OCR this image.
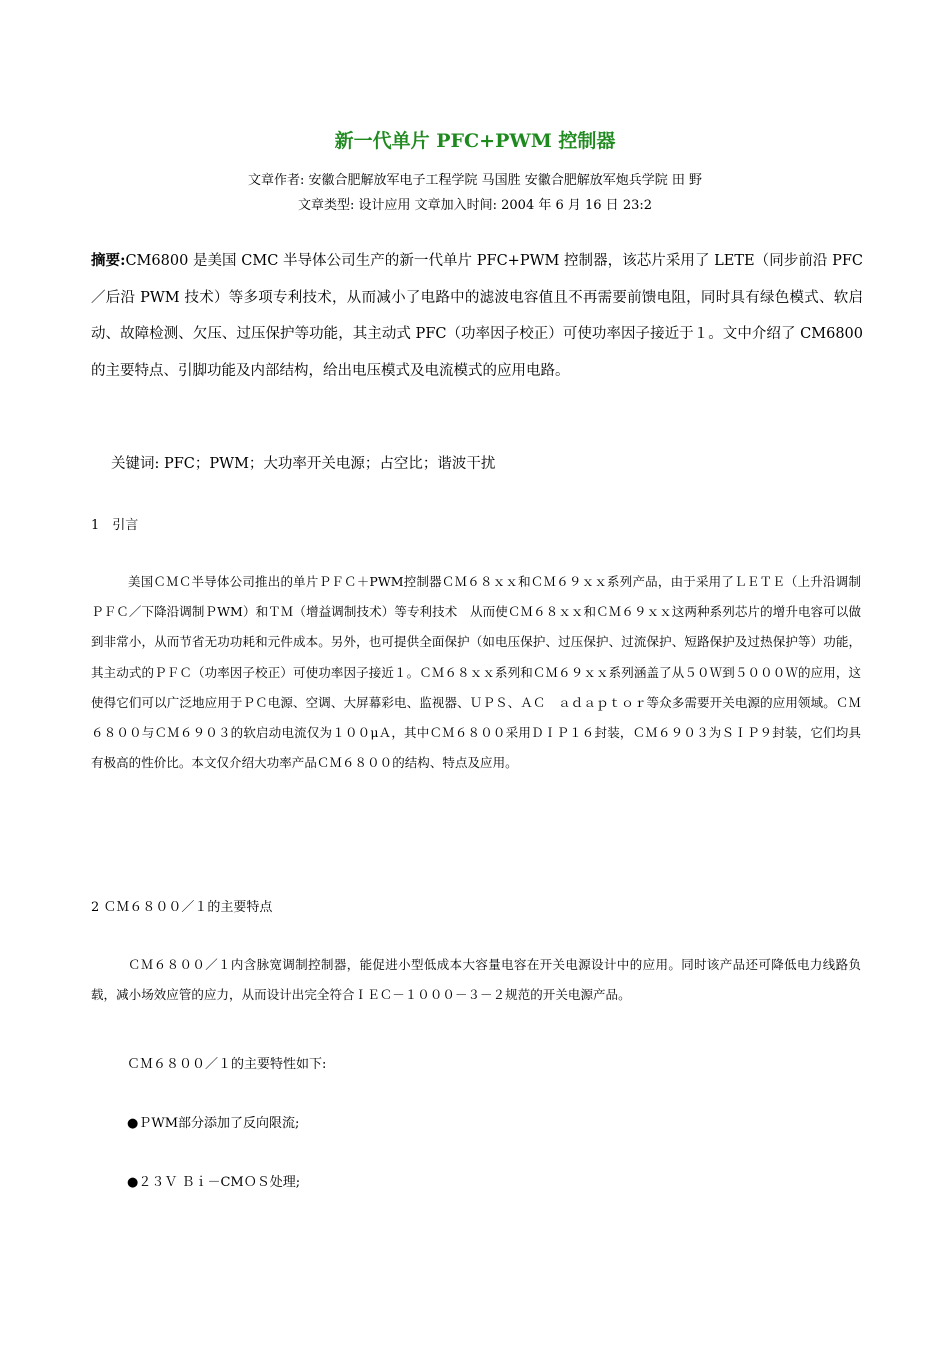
新一代单片 PFC+PWM 控制器
文章作者: 安徽合肥解放军电子工程学院 马国胜 安徽合肥解放军炮兵学院 田 野
文章类型: 设计应用 文章加入时间: 2004 年 6 月 16 日 23:2
摘要:CM6800 是美国 CMC 半导体公司生产的新一代单片 PFC+PWM 控制器，该芯片采用了 LETE（同步前沿 PFC／后沿 PWM 技术）等多项专利技术，从而减小了电路中的滤波电容值且不再需要前馈电阻，同时具有绿色模式、软启动、故障检测、欠压、过压保护等功能，其主动式 PFC（功率因子校正）可使功率因子接近于１。文中介绍了 CM6800 的主要特点、引脚功能及内部结构，给出电压模式及电流模式的应用电路。
关键词: PFC；PWM；大功率开关电源；占空比；谐波干扰
1　引言
美国ＣＭＣ半导体公司推出的单片ＰＦＣ＋PWM控制器ＣＭ６８ｘｘ和ＣＭ６９ｘｘ系列产品，由于采用了ＬＥＴＥ（上升沿调制ＰＦＣ／下降沿调制ＰWM）和ＴＭ（增益调制技术）等专利技术　从而使ＣＭ６８ｘｘ和ＣＭ６９ｘｘ这两种系列芯片的增升电容可以做到非常小，从而节省无功功耗和元件成本。另外，也可提供全面保护（如电压保护、过压保护、过流保护、短路保护及过热保护等）功能，其主动式的ＰＦＣ（功率因子校正）可使功率因子接近１。ＣＭ６８ｘｘ系列和ＣＭ６９ｘｘ系列涵盖了从５０Ｗ到５０００Ｗ的应用，这使得它们可以广泛地应用于ＰＣ电源、空调、大屏幕彩电、监视器、ＵＰＳ、ＡＣ　ａｄａｐｔｏｒ等众多需要开关电源的应用领域。ＣＭ６８００与ＣＭ６９０３的软启动电流仅为１００μＡ，其中ＣＭ６８００采用ＤＩＰ１６封装，ＣＭ６９０３为ＳＩＰ９封装，它们均具有极高的性价比。本文仅介绍大功率产品ＣＭ６８００的结构、特点及应用。
2 ＣＭ６８００／１的主要特点
ＣＭ６８００／１内含脉宽调制控制器，能促进小型低成本大容量电容在开关电源设计中的应用。同时该产品还可降低电力线路负载，减小场效应管的应力，从而设计出完全符合ＩＥＣ－１０００－３－２规范的开关电源产品。
ＣＭ６８００／１的主要特性如下:
●ＰWM部分添加了反向限流;
●２３Ｖ Ｂｉ－CMＯＳ处理;
